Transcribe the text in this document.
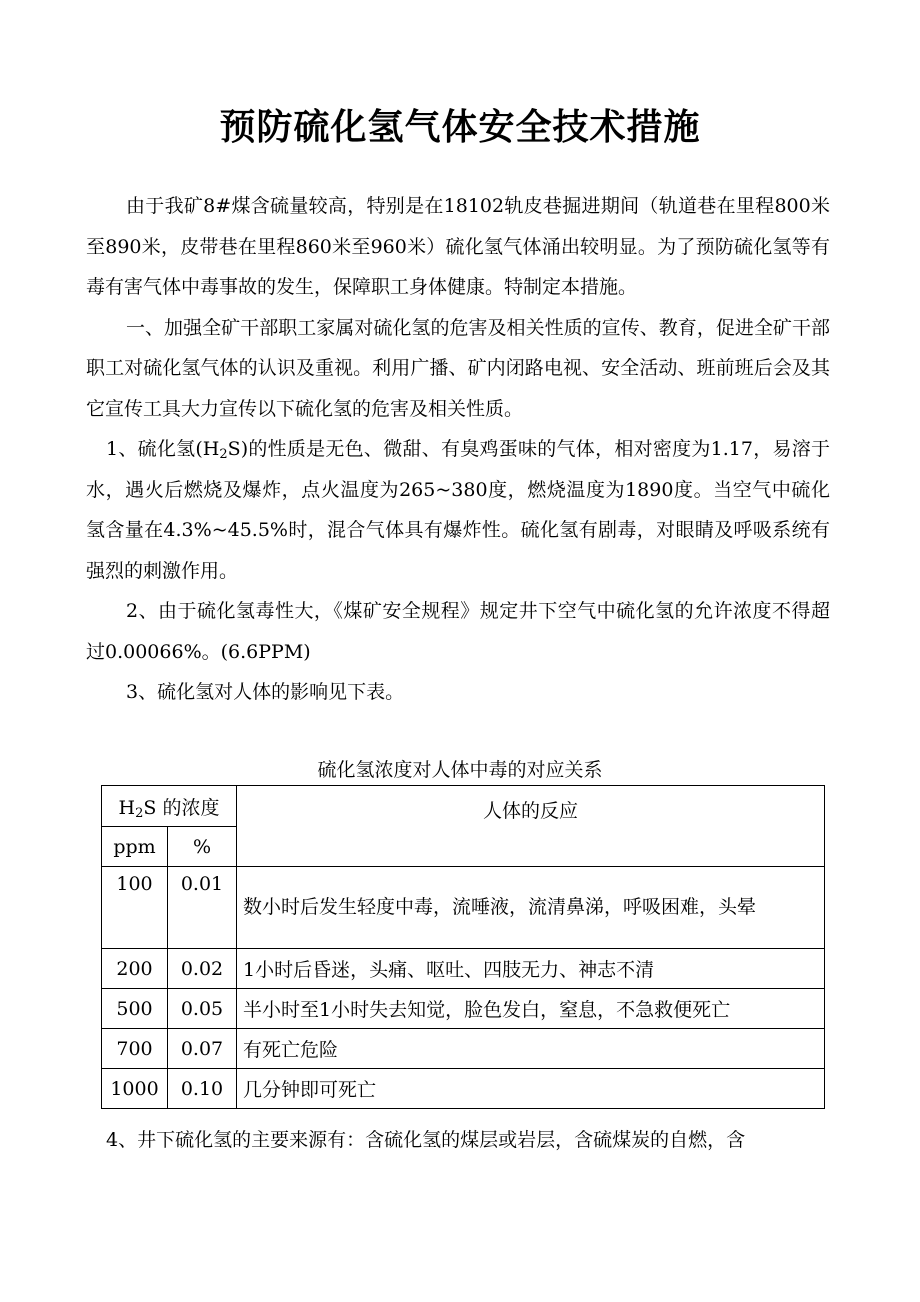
预防硫化氢气体安全技术措施

由于我矿8#煤含硫量较高，特别是在18102轨皮巷掘进期间（轨道巷在里程800米至890米，皮带巷在里程860米至960米）硫化氢气体涌出较明显。为了预防硫化氢等有毒有害气体中毒事故的发生，保障职工身体健康。特制定本措施。

一、加强全矿干部职工家属对硫化氢的危害及相关性质的宣传、教育，促进全矿干部职工对硫化氢气体的认识及重视。利用广播、矿内闭路电视、安全活动、班前班后会及其它宣传工具大力宣传以下硫化氢的危害及相关性质。

1、硫化氢$(H_2S)$的性质是无色、微甜、有臭鸡蛋味的气体，相对密度为1.17，易溶于水，遇火后燃烧及爆炸，点火温度为265~380度，燃烧温度为1890度。当空气中硫化氢含量在4.3%~45.5%时，混合气体具有爆炸性。硫化氢有剧毒，对眼睛及呼吸系统有强烈的刺激作用。

2、由于硫化氢毒性大，《煤矿安全规程》规定井下空气中硫化氢的允许浓度不得超过0.00066%。(6.6PPM)

3、硫化氢对人体的影响见下表。

硫化氢浓度对人体中毒的对应关系
$H_2S$ 的浓度		人体的反应
ppm	%	
100	0.01	数小时后发生轻度中毒，流唾液，流清鼻涕，呼吸困难，头晕
200	0.02	1小时后昏迷，头痛、呕吐、四肢无力、神志不清
500	0.05	半小时至1小时失去知觉，脸色发白，窒息，不急救便死亡
700	0.07	有死亡危险
1000	0.10	几分钟即可死亡
4、井下硫化氢的主要来源有：含硫化氢的煤层或岩层，含硫煤炭的自燃，含
